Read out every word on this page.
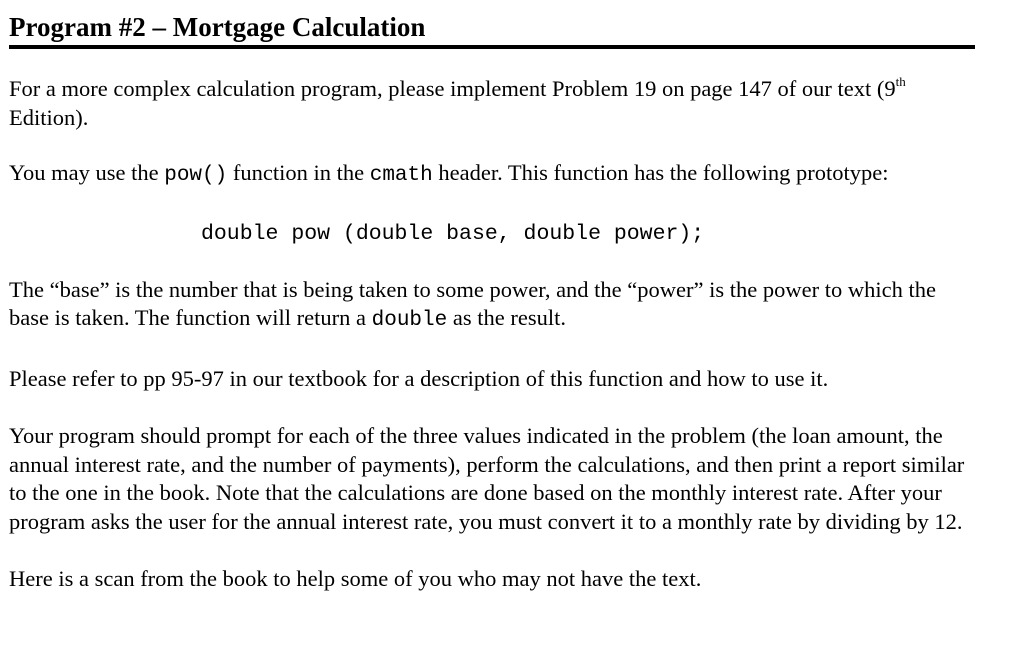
Program #2 – Mortgage Calculation

For a more complex calculation program, please implement Problem 19 on page 147 of our text (9th Edition).

You may use the pow() function in the cmath header. This function has the following prototype:

double pow (double base, double power);

The “base” is the number that is being taken to some power, and the “power” is the power to which the base is taken. The function will return a double as the result.

Please refer to pp 95-97 in our textbook for a description of this function and how to use it.

Your program should prompt for each of the three values indicated in the problem (the loan amount, the annual interest rate, and the number of payments), perform the calculations, and then print a report similar to the one in the book. Note that the calculations are done based on the monthly interest rate. After your program asks the user for the annual interest rate, you must convert it to a monthly rate by dividing by 12.

Here is a scan from the book to help some of you who may not have the text.
